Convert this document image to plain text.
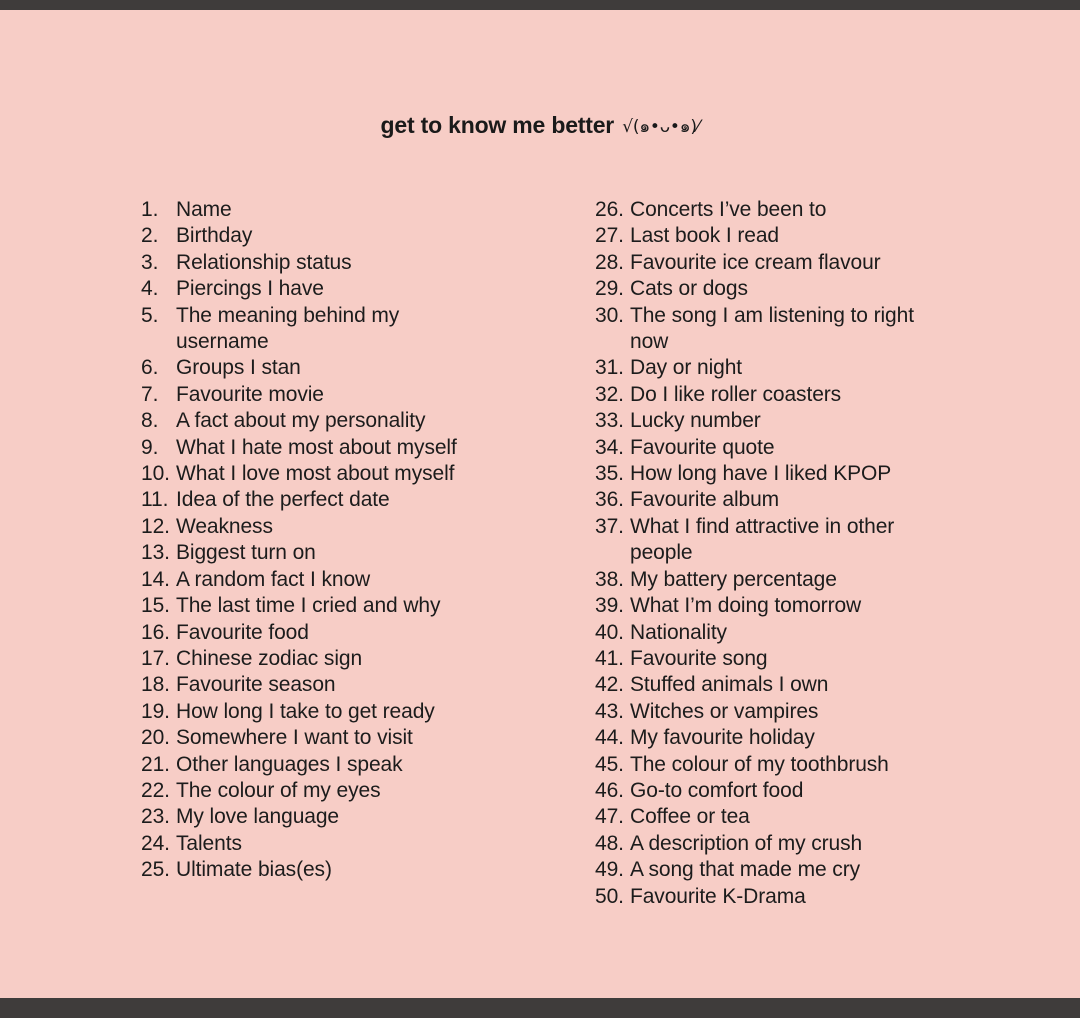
get to know me better √(๑•ᴗ•๑)⁄
1. Name
2. Birthday
3. Relationship status
4. Piercings I have
5. The meaning behind my username
6. Groups I stan
7. Favourite movie
8. A fact about my personality
9. What I hate most about myself
10. What I love most about myself
11. Idea of the perfect date
12. Weakness
13. Biggest turn on
14. A random fact I know
15. The last time I cried and why
16. Favourite food
17. Chinese zodiac sign
18. Favourite season
19. How long I take to get ready
20. Somewhere I want to visit
21. Other languages I speak
22. The colour of my eyes
23. My love language
24. Talents
25. Ultimate bias(es)
26. Concerts I’ve been to
27. Last book I read
28. Favourite ice cream flavour
29. Cats or dogs
30. The song I am listening to right now
31. Day or night
32. Do I like roller coasters
33. Lucky number
34. Favourite quote
35. How long have I liked KPOP
36. Favourite album
37. What I find attractive in other people
38. My battery percentage
39. What I’m doing tomorrow
40. Nationality
41. Favourite song
42. Stuffed animals I own
43. Witches or vampires
44. My favourite holiday
45. The colour of my toothbrush
46. Go-to comfort food
47. Coffee or tea
48. A description of my crush
49. A song that made me cry
50. Favourite K-Drama
